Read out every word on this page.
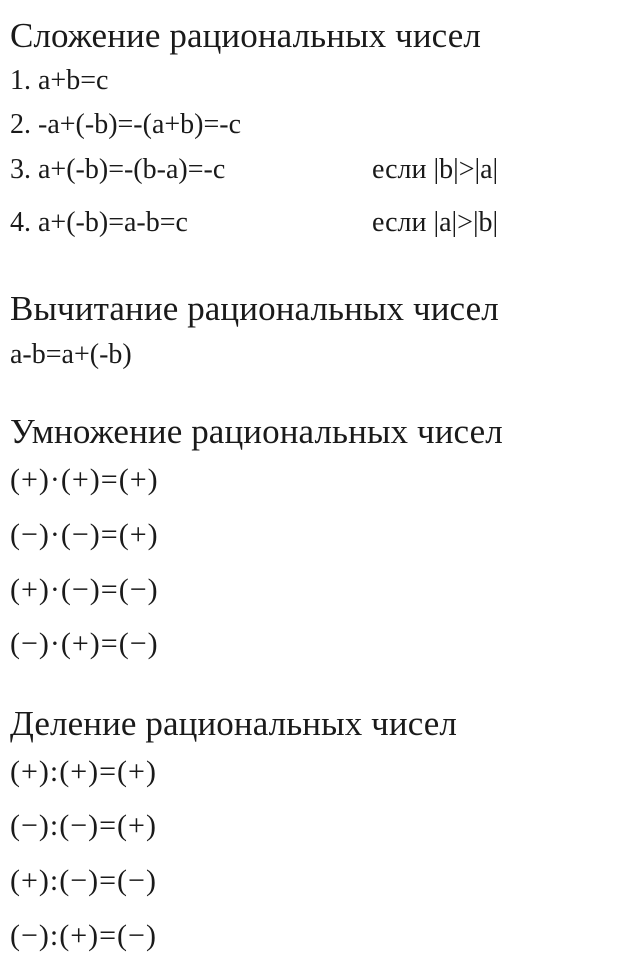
Сложение рациональных чисел
1. a+b=c
2. -a+(-b)=-(a+b)=-c
3. a+(-b)=-(b-a)=-c	если |b|>|a|
4. a+(-b)=a-b=c	если |a|>|b|
Вычитание рациональных чисел
a-b=a+(-b)
Умножение рациональных чисел
(+)·(+)=(+)
(−)·(−)=(+)
(+)·(−)=(−)
(−)·(+)=(−)
Деление рациональных чисел
(+):(+)=(+)
(−):(−)=(+)
(+):(−)=(−)
(−):(+)=(−)
